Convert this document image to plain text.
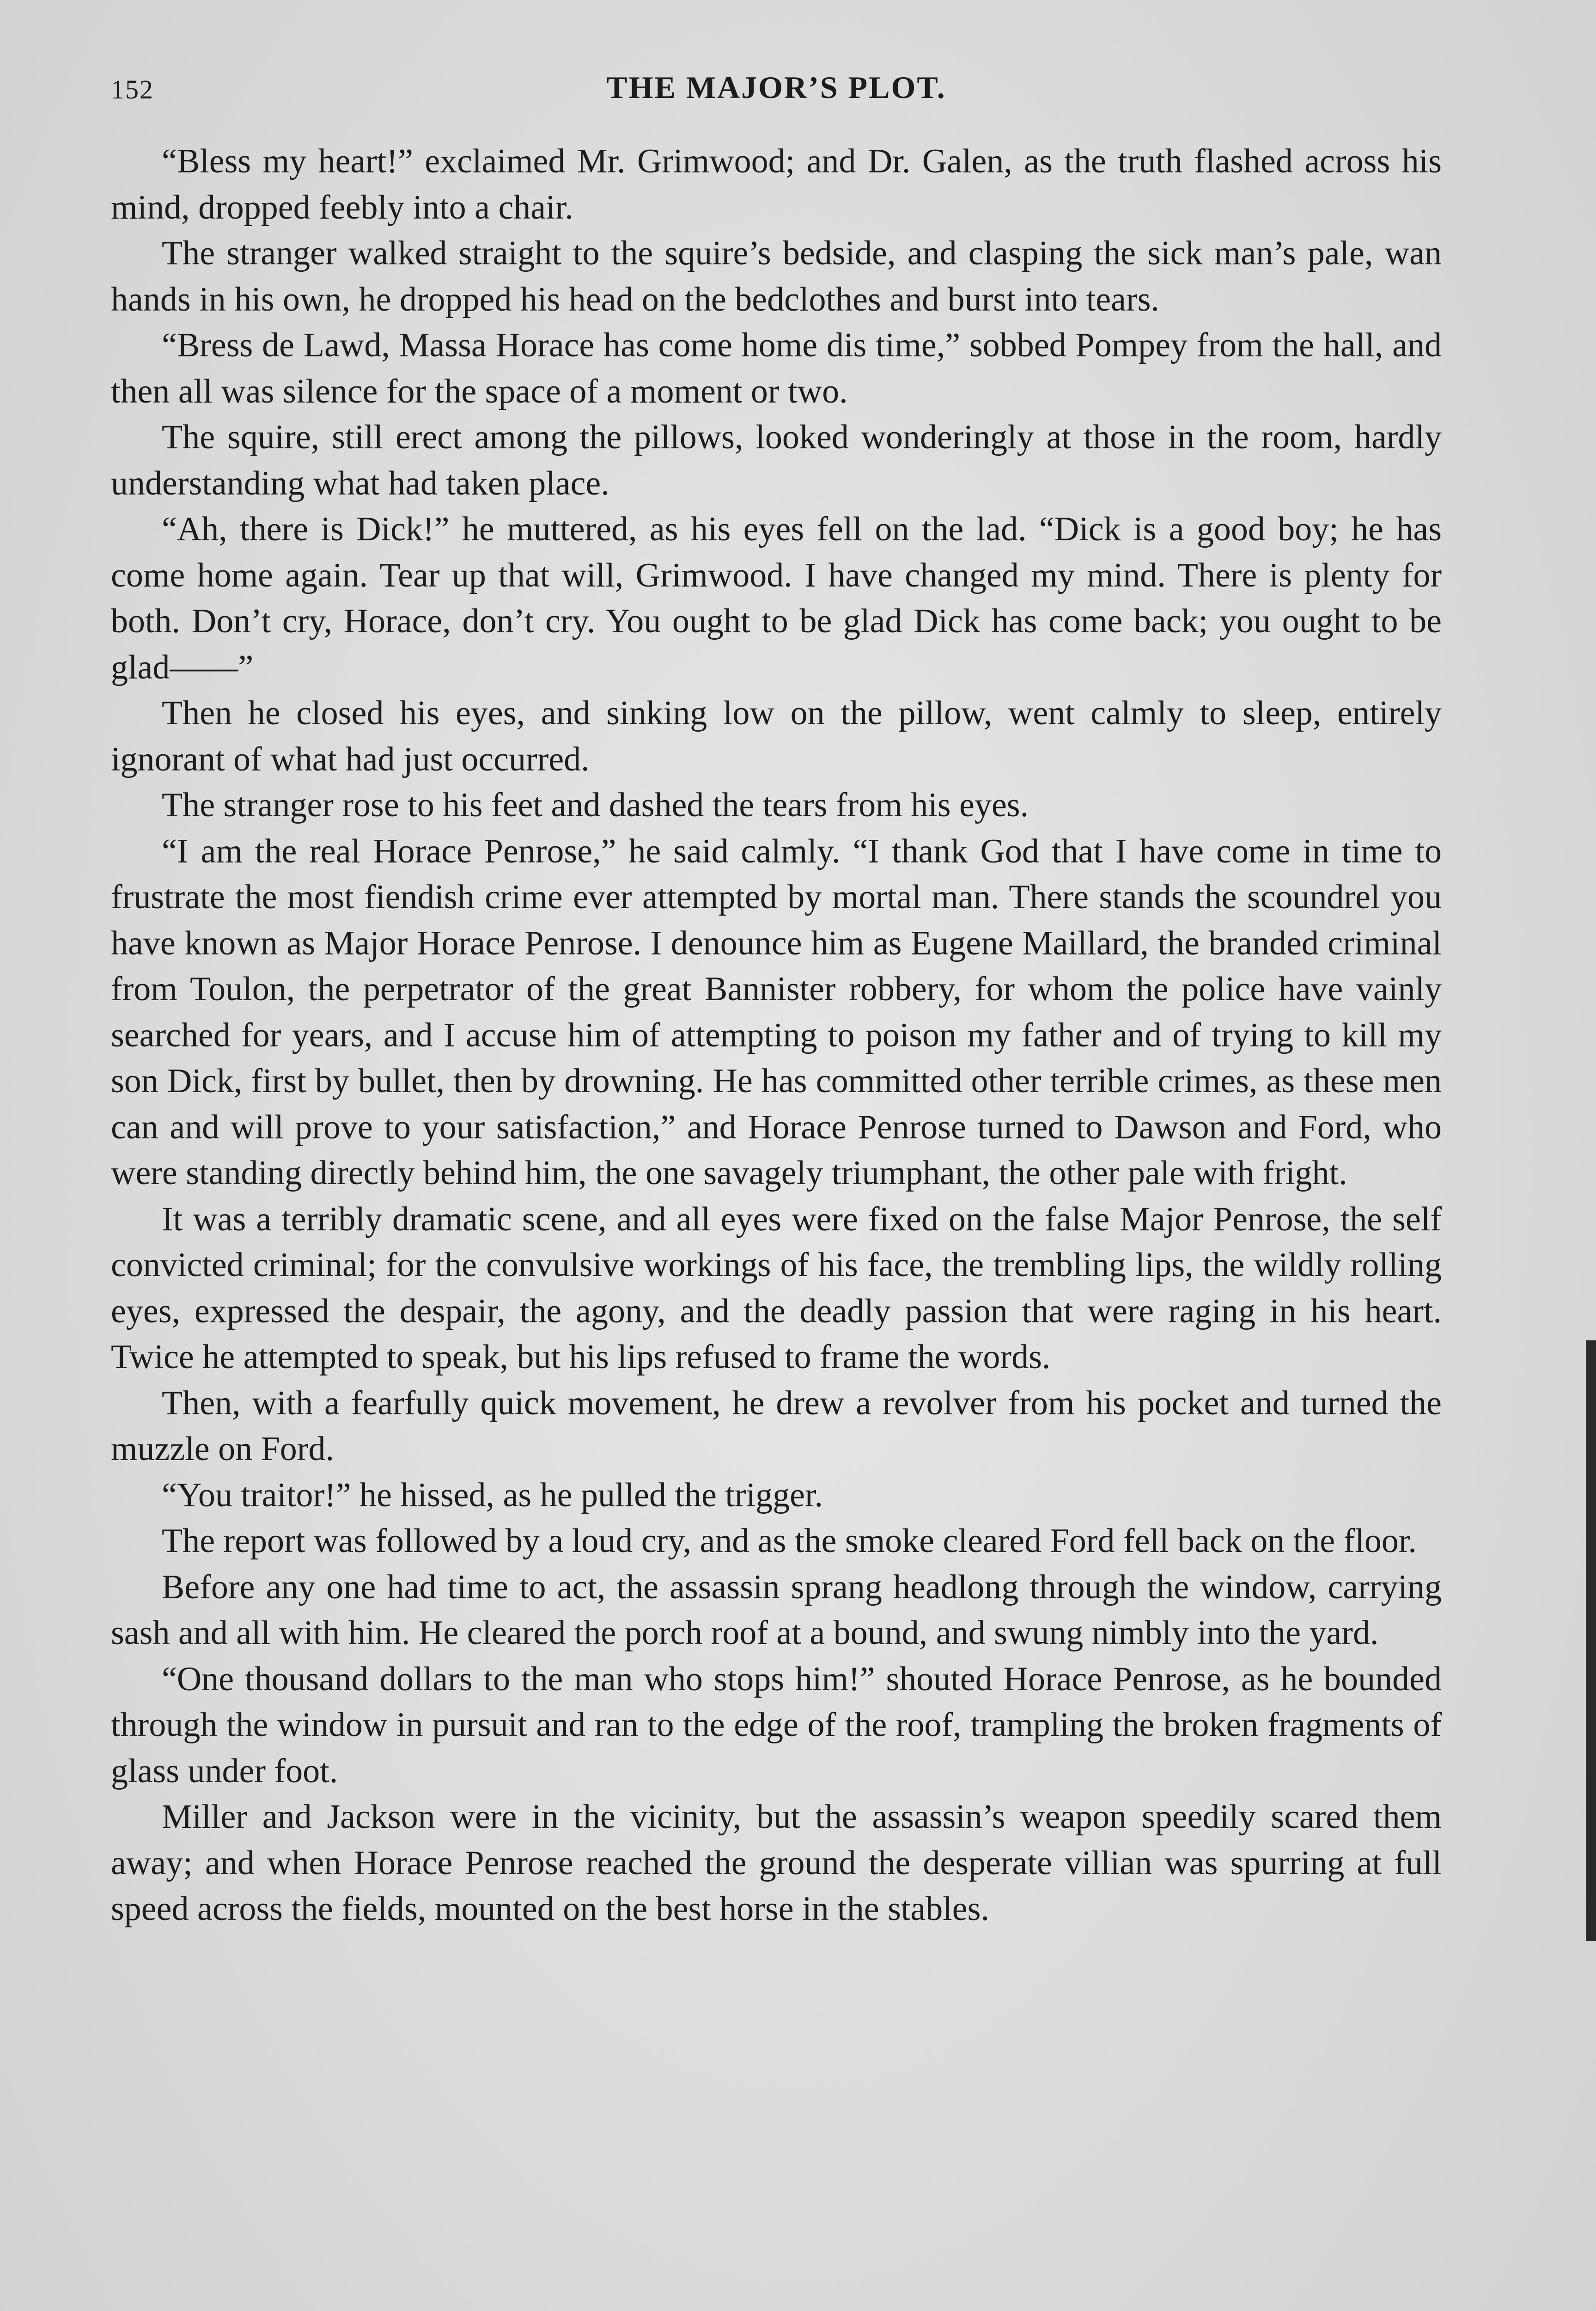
152	THE MAJOR’S PLOT.

“Bless my heart!” exclaimed Mr. Grimwood; and Dr. Galen, as the truth flashed across his mind, dropped feebly into a chair.

The stranger walked straight to the squire’s bedside, and clasping the sick man’s pale, wan hands in his own, he dropped his head on the bedclothes and burst into tears.

“Bress de Lawd, Massa Horace has come home dis time,” sobbed Pompey from the hall, and then all was silence for the space of a moment or two.

The squire, still erect among the pillows, looked wonderingly at those in the room, hardly understanding what had taken place.

“Ah, there is Dick!” he muttered, as his eyes fell on the lad. “Dick is a good boy; he has come home again. Tear up that will, Grimwood. I have changed my mind. There is plenty for both. Don’t cry, Horace, don’t cry. You ought to be glad Dick has come back; you ought to be glad——”

Then he closed his eyes, and sinking low on the pillow, went calmly to sleep, entirely ignorant of what had just occurred.

The stranger rose to his feet and dashed the tears from his eyes.

“I am the real Horace Penrose,” he said calmly. “I thank God that I have come in time to frustrate the most fiendish crime ever attempted by mortal man. There stands the scoundrel you have known as Major Horace Penrose. I denounce him as Eugene Maillard, the branded criminal from Toulon, the perpetrator of the great Bannister robbery, for whom the police have vainly searched for years, and I accuse him of attempting to poison my father and of trying to kill my son Dick, first by bullet, then by drowning. He has committed other terrible crimes, as these men can and will prove to your satisfaction,” and Horace Penrose turned to Dawson and Ford, who were standing directly behind him, the one savagely triumphant, the other pale with fright.

It was a terribly dramatic scene, and all eyes were fixed on the false Major Penrose, the self convicted criminal; for the convulsive workings of his face, the trembling lips, the wildly rolling eyes, expressed the despair, the agony, and the deadly passion that were raging in his heart. Twice he attempted to speak, but his lips refused to frame the words.

Then, with a fearfully quick movement, he drew a revolver from his pocket and turned the muzzle on Ford.

“You traitor!” he hissed, as he pulled the trigger.

The report was followed by a loud cry, and as the smoke cleared Ford fell back on the floor.

Before any one had time to act, the assassin sprang headlong through the window, carrying sash and all with him. He cleared the porch roof at a bound, and swung nimbly into the yard.

“One thousand dollars to the man who stops him!” shouted Horace Penrose, as he bounded through the window in pursuit and ran to the edge of the roof, trampling the broken fragments of glass under foot.

Miller and Jackson were in the vicinity, but the assassin’s weapon speedily scared them away; and when Horace Penrose reached the ground the desperate villian was spurring at full speed across the fields, mounted on the best horse in the stables.
